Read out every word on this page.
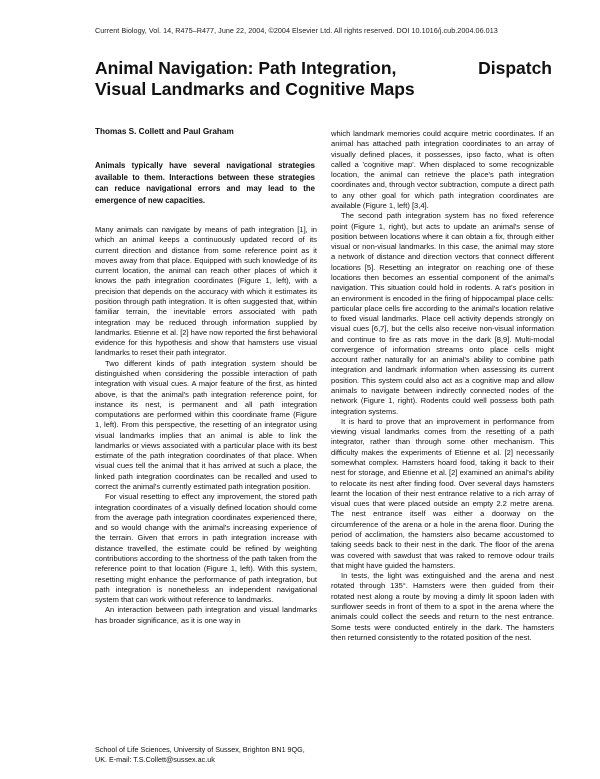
Current Biology, Vol. 14, R475–R477, June 22, 2004, ©2004 Elsevier Ltd. All rights reserved. DOI 10.1016/j.cub.2004.06.013
Animal Navigation: Path Integration, Visual Landmarks and Cognitive Maps
Dispatch
Thomas S. Collett and Paul Graham

Animals typically have several navigational strategies available to them. Interactions between these strategies can reduce navigational errors and may lead to the emergence of new capacities.

Many animals can navigate by means of path integration [1], in which an animal keeps a continuously updated record of its current direction and distance from some reference point as it moves away from that place. Equipped with such knowledge of its current location, the animal can reach other places of which it knows the path integration coordinates (Figure 1, left), with a precision that depends on the accuracy with which it estimates its position through path integration. It is often suggested that, within familiar terrain, the inevitable errors associated with path integration may be reduced through information supplied by landmarks. Etienne et al. [2] have now reported the first behavioral evidence for this hypothesis and show that hamsters use visual landmarks to reset their path integrator.

Two different kinds of path integration system should be distinguished when considering the possible interaction of path integration with visual cues. A major feature of the first, as hinted above, is that the animal's path integration reference point, for instance its nest, is permanent and all path integration computations are performed within this coordinate frame (Figure 1, left). From this perspective, the resetting of an integrator using visual landmarks implies that an animal is able to link the landmarks or views associated with a particular place with its best estimate of the path integration coordinates of that place. When visual cues tell the animal that it has arrived at such a place, the linked path integration coordinates can be recalled and used to correct the animal's currently estimated path integration position.

For visual resetting to effect any improvement, the stored path integration coordinates of a visually defined location should come from the average path integration coordinates experienced there, and so would change with the animal's increasing experience of the terrain. Given that errors in path integration increase with distance travelled, the estimate could be refined by weighting contributions according to the shortness of the path taken from the reference point to that location (Figure 1, left). With this system, resetting might enhance the performance of path integration, but path integration is nonetheless an independent navigational system that can work without reference to landmarks.

An interaction between path integration and visual landmarks has broader significance, as it is one way in

which landmark memories could acquire metric coordinates. If an animal has attached path integration coordinates to an array of visually defined places, it possesses, ipso facto, what is often called a 'cognitive map'. When displaced to some recognizable location, the animal can retrieve the place's path integration coordinates and, through vector subtraction, compute a direct path to any other goal for which path integration coordinates are available (Figure 1, left) [3,4].

The second path integration system has no fixed reference point (Figure 1, right), but acts to update an animal's sense of position between locations where it can obtain a fix, through either visual or non-visual landmarks. In this case, the animal may store a network of distance and direction vectors that connect different locations [5]. Resetting an integrator on reaching one of these locations then becomes an essential component of the animal's navigation. This situation could hold in rodents. A rat's position in an environment is encoded in the firing of hippocampal place cells: particular place cells fire according to the animal's location relative to fixed visual landmarks. Place cell activity depends strongly on visual cues [6,7], but the cells also receive non-visual information and continue to fire as rats move in the dark [8,9]. Multi-modal convergence of information streams onto place cells might account rather naturally for an animal's ability to combine path integration and landmark information when assessing its current position. This system could also act as a cognitive map and allow animals to navigate between indirectly connected nodes of the network (Figure 1, right). Rodents could well possess both path integration systems.

It is hard to prove that an improvement in performance from viewing visual landmarks comes from the resetting of a path integrator, rather than through some other mechanism. This difficulty makes the experiments of Etienne et al. [2] necessarily somewhat complex. Hamsters hoard food, taking it back to their nest for storage, and Etienne et al. [2] examined an animal's ability to relocate its nest after finding food. Over several days hamsters learnt the location of their nest entrance relative to a rich array of visual cues that were placed outside an empty 2.2 metre arena. The nest entrance itself was either a doorway on the circumference of the arena or a hole in the arena floor. During the period of acclimation, the hamsters also became accustomed to taking seeds back to their nest in the dark. The floor of the arena was covered with sawdust that was raked to remove odour trails that might have guided the hamsters.

In tests, the light was extinguished and the arena and nest rotated through 135°. Hamsters were then guided from their rotated nest along a route by moving a dimly lit spoon laden with sunflower seeds in front of them to a spot in the arena where the animals could collect the seeds and return to the nest entrance. Some tests were conducted entirely in the dark. The hamsters then returned consistently to the rotated position of the nest.

School of Life Sciences, University of Sussex, Brighton BN1 9QG, UK. E-mail: T.S.Collett@sussex.ac.uk
